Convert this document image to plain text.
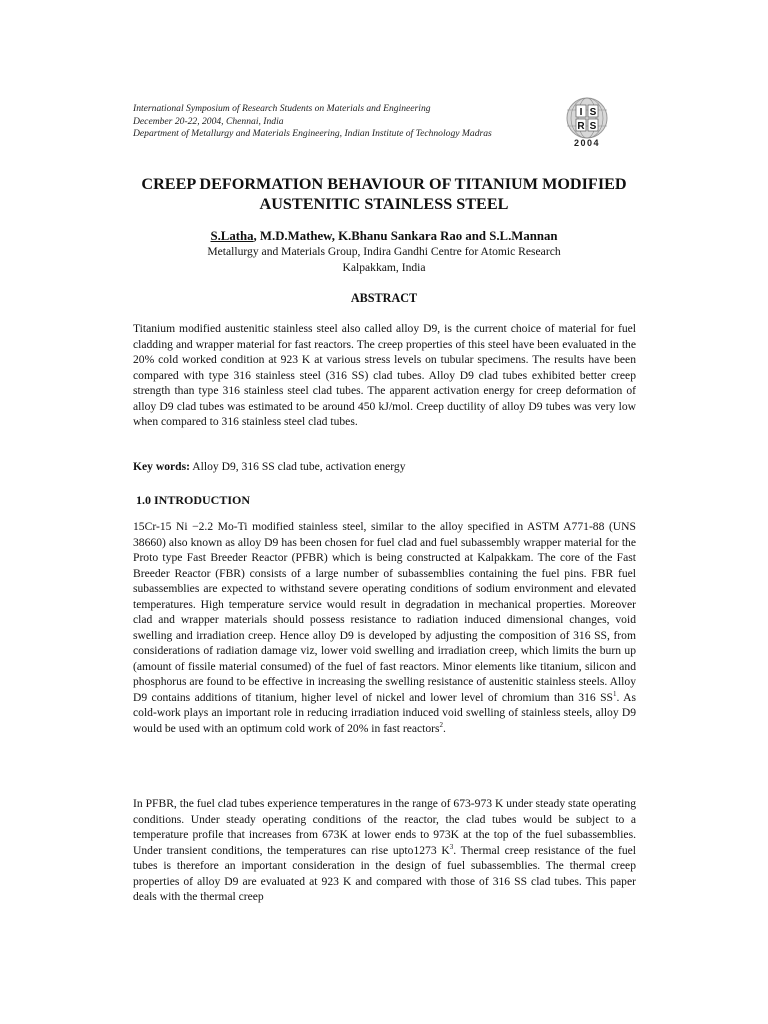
International Symposium of Research Students on Materials and Engineering
December 20-22, 2004, Chennai, India
Department of Metallurgy and Materials Engineering, Indian Institute of Technology Madras
I S
R S
2004
CREEP DEFORMATION BEHAVIOUR OF TITANIUM MODIFIED
AUSTENITIC STAINLESS STEEL
S.Latha, M.D.Mathew, K.Bhanu Sankara Rao and S.L.Mannan
Metallurgy and Materials Group, Indira Gandhi Centre for Atomic Research
Kalpakkam, India
ABSTRACT
Titanium modified austenitic stainless steel also called alloy D9, is the current choice of material for fuel cladding and wrapper material for fast reactors. The creep properties of this steel have been evaluated in the 20% cold worked condition at 923 K at various stress levels on tubular specimens. The results have been compared with type 316 stainless steel (316 SS) clad tubes. Alloy D9 clad tubes exhibited better creep strength than type 316 stainless steel clad tubes. The apparent activation energy for creep deformation of alloy D9 clad tubes was estimated to be around 450 kJ/mol. Creep ductility of alloy D9 tubes was very low when compared to 316 stainless steel clad tubes.
Key words: Alloy D9, 316 SS clad tube, activation energy
1.0 INTRODUCTION
15Cr-15 Ni −2.2 Mo-Ti modified stainless steel, similar to the alloy specified in ASTM A771-88 (UNS 38660) also known as alloy D9 has been chosen for fuel clad and fuel subassembly wrapper material for the Proto type Fast Breeder Reactor (PFBR) which is being constructed at Kalpakkam. The core of the Fast Breeder Reactor (FBR) consists of a large number of subassemblies containing the fuel pins. FBR fuel subassemblies are expected to withstand severe operating conditions of sodium environment and elevated temperatures. High temperature service would result in degradation in mechanical properties. Moreover clad and wrapper materials should possess resistance to radiation induced dimensional changes, void swelling and irradiation creep. Hence alloy D9 is developed by adjusting the composition of 316 SS, from considerations of radiation damage viz, lower void swelling and irradiation creep, which limits the burn up (amount of fissile material consumed) of the fuel of fast reactors. Minor elements like titanium, silicon and phosphorus are found to be effective in increasing the swelling resistance of austenitic stainless steels. Alloy D9 contains additions of titanium, higher level of nickel and lower level of chromium than 316 $SS^1$. As cold-work plays an important role in reducing irradiation induced void swelling of stainless steels, alloy D9 would be used with an optimum cold work of 20% in fast reactors$^2$.
In PFBR, the fuel clad tubes experience temperatures in the range of 673-973 K under steady state operating conditions. Under steady operating conditions of the reactor, the clad tubes would be subject to a temperature profile that increases from 673K at lower ends to 973K at the top of the fuel subassemblies. Under transient conditions, the temperatures can rise upto1273 $K^3$. Thermal creep resistance of the fuel tubes is therefore an important consideration in the design of fuel subassemblies. The thermal creep properties of alloy D9 are evaluated at 923 K and compared with those of 316 SS clad tubes. This paper deals with the thermal creep
